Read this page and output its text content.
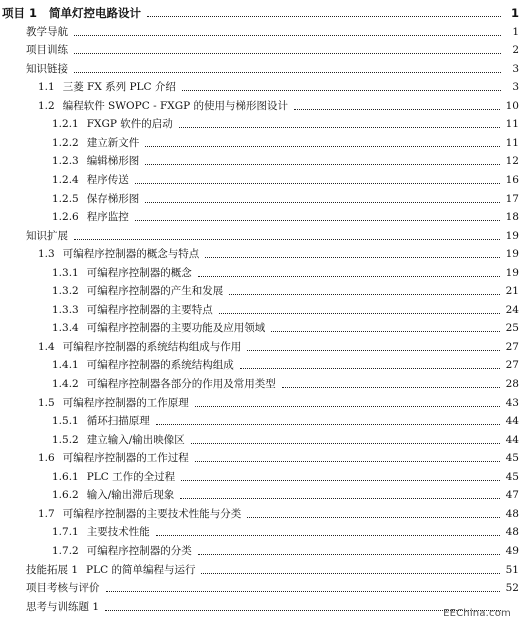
项目 1 简单灯控电路设计	1
教学导航	1
项目训练	2
知识链接	3
1.1 三菱 FX 系列 PLC 介绍	3
1.2 编程软件 SWOPC - FXGP 的使用与梯形图设计	10
1.2.1 FXGP 软件的启动	11
1.2.2 建立新文件	11
1.2.3 编辑梯形图	12
1.2.4 程序传送	16
1.2.5 保存梯形图	17
1.2.6 程序监控	18
知识扩展	19
1.3 可编程序控制器的概念与特点	19
1.3.1 可编程序控制器的概念	19
1.3.2 可编程序控制器的产生和发展	21
1.3.3 可编程序控制器的主要特点	24
1.3.4 可编程序控制器的主要功能及应用领域	25
1.4 可编程序控制器的系统结构组成与作用	27
1.4.1 可编程序控制器的系统结构组成	27
1.4.2 可编程序控制器各部分的作用及常用类型	28
1.5 可编程序控制器的工作原理	43
1.5.1 循环扫描原理	44
1.5.2 建立输入/输出映像区	44
1.6 可编程序控制器的工作过程	45
1.6.1 PLC 工作的全过程	45
1.6.2 输入/输出滞后现象	47
1.7 可编程序控制器的主要技术性能与分类	48
1.7.1 主要技术性能	48
1.7.2 可编程序控制器的分类	49
技能拓展 1 PLC 的简单编程与运行	51
项目考核与评价	52
思考与训练题 1
EEChina.com
